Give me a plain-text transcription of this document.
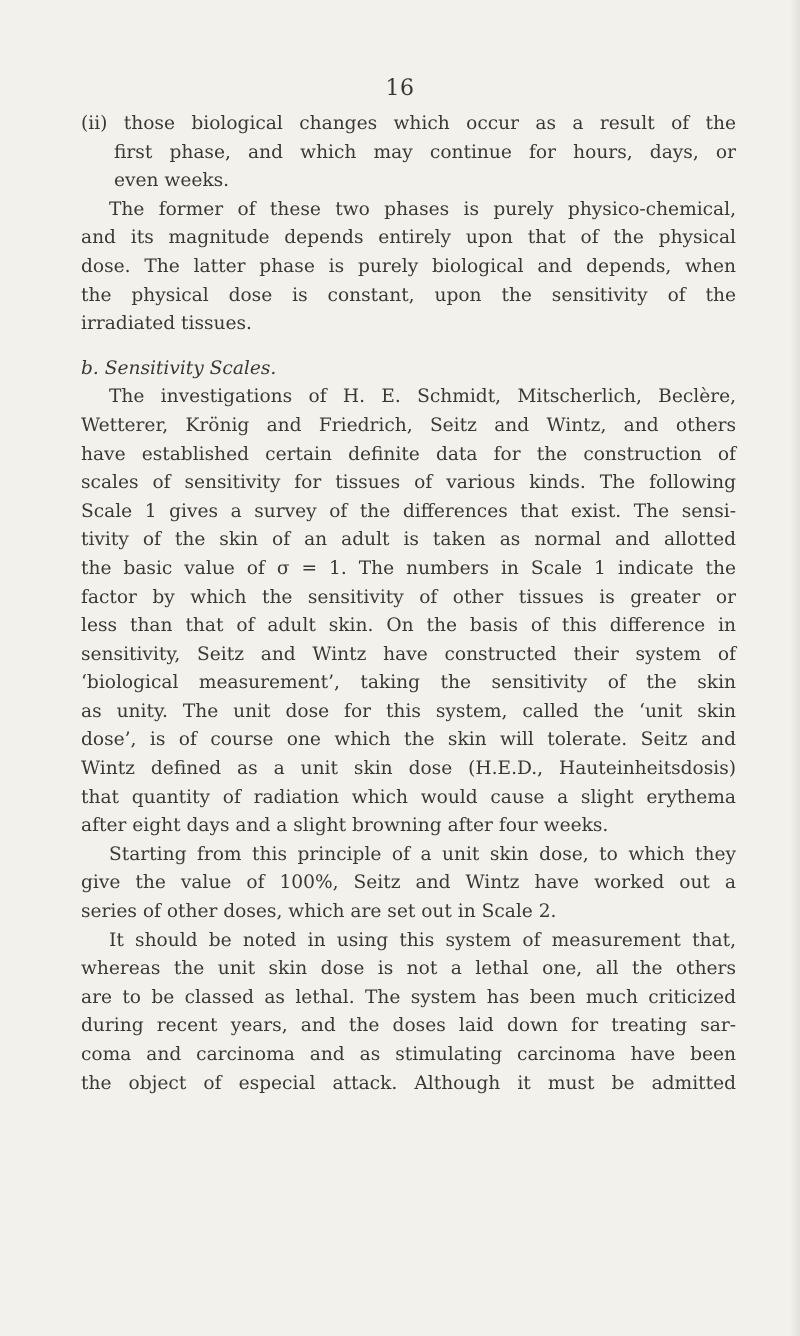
16
(ii) those biological changes which occur as a result of the
first phase, and which may continue for hours, days, or
even weeks.
The former of these two phases is purely physico-chemical,
and its magnitude depends entirely upon that of the physical
dose. The latter phase is purely biological and depends, when
the physical dose is constant, upon the sensitivity of the
irradiated tissues.
b. Sensitivity Scales.
The investigations of H. E. Schmidt, Mitscherlich, Beclère,
Wetterer, Krönig and Friedrich, Seitz and Wintz, and others
have established certain definite data for the construction of
scales of sensitivity for tissues of various kinds. The following
Scale 1 gives a survey of the differences that exist. The sensi-
tivity of the skin of an adult is taken as normal and allotted
the basic value of σ = 1. The numbers in Scale 1 indicate the
factor by which the sensitivity of other tissues is greater or
less than that of adult skin. On the basis of this difference in
sensitivity, Seitz and Wintz have constructed their system of
‘biological measurement’, taking the sensitivity of the skin
as unity. The unit dose for this system, called the ‘unit skin
dose’, is of course one which the skin will tolerate. Seitz and
Wintz defined as a unit skin dose (H.E.D., Hauteinheitsdosis)
that quantity of radiation which would cause a slight erythema
after eight days and a slight browning after four weeks.
Starting from this principle of a unit skin dose, to which they
give the value of 100%, Seitz and Wintz have worked out a
series of other doses, which are set out in Scale 2.
It should be noted in using this system of measurement that,
whereas the unit skin dose is not a lethal one, all the others
are to be classed as lethal. The system has been much criticized
during recent years, and the doses laid down for treating sar-
coma and carcinoma and as stimulating carcinoma have been
the object of especial attack. Although it must be admitted
